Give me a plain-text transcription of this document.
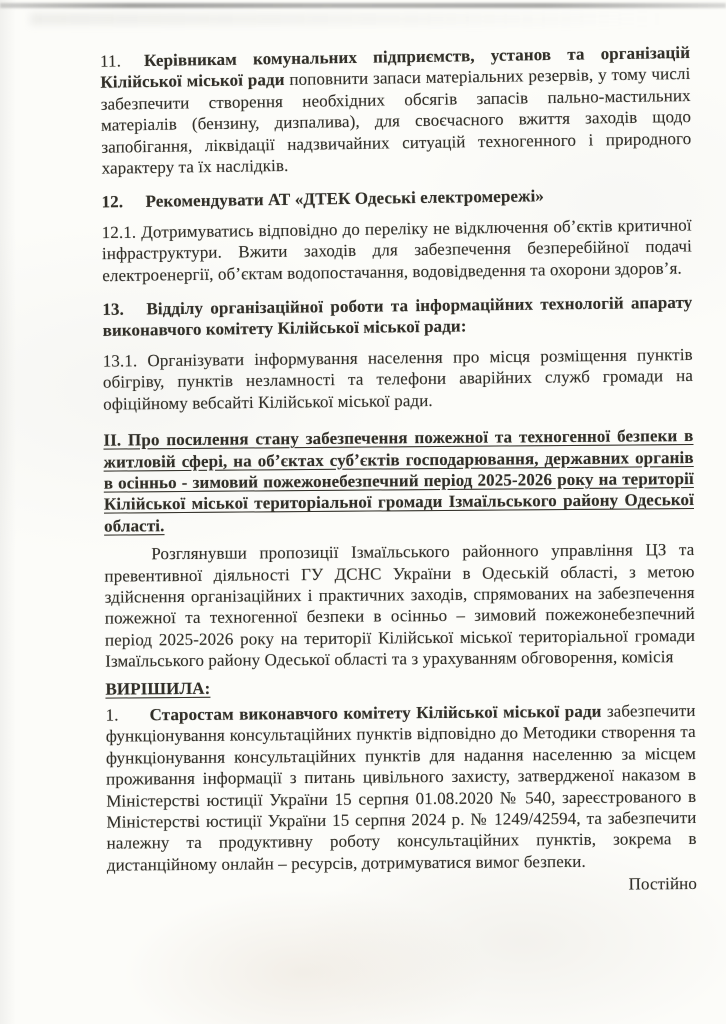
11. Керівникам комунальних підприємств, установ та організацій Кілійської міської ради поповнити запаси матеріальних резервів, у тому числі забезпечити створення необхідних обсягів запасів пально-мастильних матеріалів (бензину, дизпалива), для своєчасного вжиття заходів щодо запобігання, ліквідації надзвичайних ситуацій техногенного і природного характеру та їх наслідків.

12. Рекомендувати АТ «ДТЕК Одеські електромережі»

12.1. Дотримуватись відповідно до переліку не відключення об’єктів критичної інфраструктури. Вжити заходів для забезпечення безперебійної подачі електроенергії, об’єктам водопостачання, водовідведення та охорони здоров’я.

13. Відділу організаційної роботи та інформаційних технологій апарату виконавчого комітету Кілійської міської ради:

13.1. Організувати інформування населення про місця розміщення пунктів обігріву, пунктів незламності та телефони аварійних служб громади на офіційному вебсайті Кілійської міської ради.

ІІ. Про посилення стану забезпечення пожежної та техногенної безпеки в житловій сфері, на об’єктах суб’єктів господарювання, державних органів в осінньо - зимовий пожежонебезпечний період 2025-2026 року на території Кілійської міської територіальної громади Ізмаїльського району Одеської області.

Розглянувши пропозиції Ізмаїльського районного управління ЦЗ та превентивної діяльності ГУ ДСНС України в Одеській області, з метою здійснення організаційних і практичних заходів, спрямованих на забезпечення пожежної та техногенної безпеки в осінньо – зимовий пожежонебезпечний період 2025-2026 року на території Кілійської міської територіальної громади Ізмаїльського району Одеської області та з урахуванням обговорення, комісія

ВИРІШИЛА:

1. Старостам виконавчого комітету Кілійської міської ради забезпечити функціонування консультаційних пунктів відповідно до Методики створення та функціонування консультаційних пунктів для надання населенню за місцем проживання інформації з питань цивільного захисту, затвердженої наказом в Міністерстві юстиції України 15 серпня 01.08.2020 № 540, зареєстрованого в Міністерстві юстиції України 15 серпня 2024 р. № 1249/42594, та забезпечити належну та продуктивну роботу консультаційних пунктів, зокрема в дистанційному онлайн – ресурсів, дотримуватися вимог безпеки.

Постійно
